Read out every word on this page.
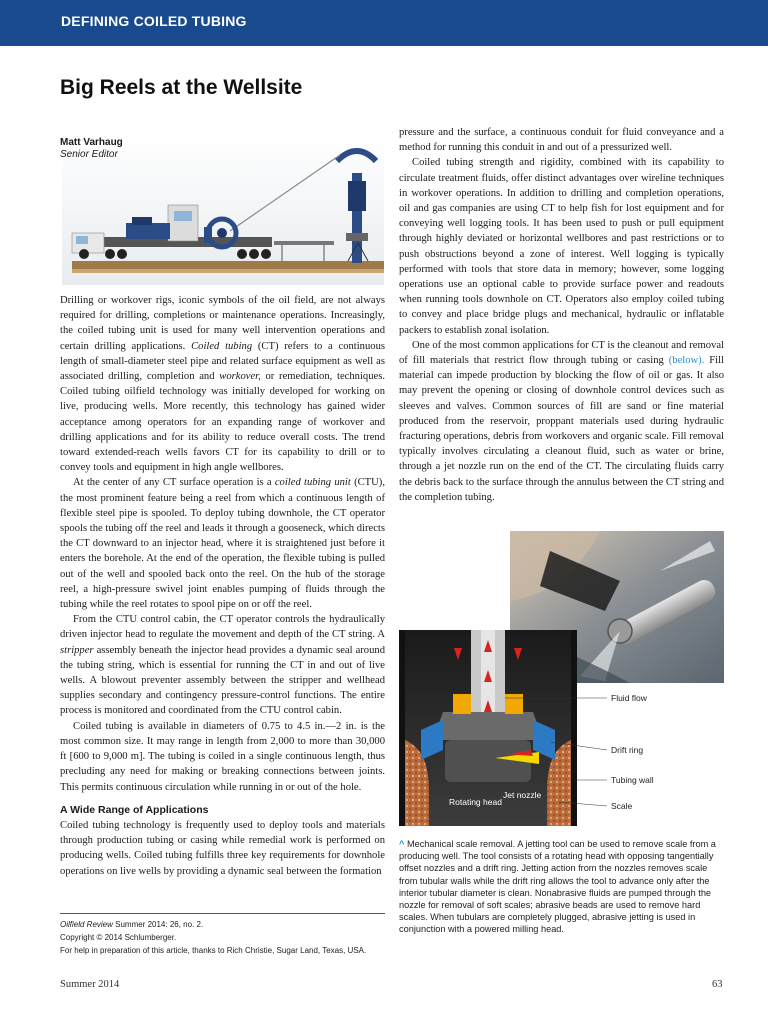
DEFINING COILED TUBING
Big Reels at the Wellsite
Matt Varhaug
Senior Editor

Drilling or workover rigs, iconic symbols of the oil field, are not always required for drilling, completions or maintenance operations. Increasingly, the coiled tubing unit is used for many well intervention operations and certain drilling applications. Coiled tubing (CT) refers to a continuous length of small-diameter steel pipe and related surface equipment as well as associated drilling, completion and workover, or remediation, techniques. Coiled tubing oilfield technology was initially developed for working on live, producing wells. More recently, this technology has gained wider acceptance among operators for an expanding range of workover and drilling applications and for its ability to reduce overall costs. The trend toward extended-reach wells favors CT for its capability to drill or to convey tools and equipment in high angle wellbores.

At the center of any CT surface operation is a coiled tubing unit (CTU), the most prominent feature being a reel from which a continuous length of flexible steel pipe is spooled. To deploy tubing downhole, the CT operator spools the tubing off the reel and leads it through a gooseneck, which directs the CT downward to an injector head, where it is straightened just before it enters the borehole. At the end of the operation, the flexible tubing is pulled out of the well and spooled back onto the reel. On the hub of the storage reel, a high-pressure swivel joint enables pumping of fluids through the tubing while the reel rotates to spool pipe on or off the reel.

From the CTU control cabin, the CT operator controls the hydraulically driven injector head to regulate the movement and depth of the CT string. A stripper assembly beneath the injector head provides a dynamic seal around the tubing string, which is essential for running the CT in and out of live wells. A blowout preventer assembly between the stripper and wellhead supplies secondary and contingency pressure-control functions. The entire process is monitored and coordinated from the CTU control cabin.

Coiled tubing is available in diameters of 0.75 to 4.5 in.—2 in. is the most common size. It may range in length from 2,000 to more than 30,000 ft [600 to 9,000 m]. The tubing is coiled in a single continuous length, thus precluding any need for making or breaking connections between joints. This permits continuous circulation while running in or out of the hole.

A Wide Range of Applications

Coiled tubing technology is frequently used to deploy tools and materials through production tubing or casing while remedial work is performed on producing wells. Coiled tubing fulfills three key requirements for downhole operations on live wells by providing a dynamic seal between the formation

pressure and the surface, a continuous conduit for fluid conveyance and a method for running this conduit in and out of a pressurized well.

Coiled tubing strength and rigidity, combined with its capability to circulate treatment fluids, offer distinct advantages over wireline techniques in workover operations. In addition to drilling and completion operations, oil and gas companies are using CT to help fish for lost equipment and for conveying well logging tools. It has been used to push or pull equipment through highly deviated or horizontal wellbores and past restrictions or to push obstructions beyond a zone of interest. Well logging is typically performed with tools that store data in memory; however, some logging operations use an optional cable to provide surface power and readouts when running tools downhole on CT. Operators also employ coiled tubing to convey and place bridge plugs and mechanical, hydraulic or inflatable packers to establish zonal isolation.

One of the most common applications for CT is the cleanout and removal of fill materials that restrict flow through tubing or casing (below). Fill material can impede production by blocking the flow of oil or gas. It also may prevent the opening or closing of downhole control devices such as sleeves and valves. Common sources of fill are sand or fine material produced from the reservoir, proppant materials used during hydraulic fracturing operations, debris from workovers and organic scale. Fill removal typically involves circulating a cleanout fluid, such as water or brine, through a jet nozzle run on the end of the CT. The circulating fluids carry the debris back to the surface through the annulus between the CT string and the completion tubing.

Fluid flow
Drift ring
Tubing wall
Scale
Jet nozzle
Rotating head
^ Mechanical scale removal. A jetting tool can be used to remove scale from a producing well. The tool consists of a rotating head with opposing tangentially offset nozzles and a drift ring. Jetting action from the nozzles removes scale from tubular walls while the drift ring allows the tool to advance only after the interior tubular diameter is clean. Nonabrasive fluids are pumped through the nozzle for removal of soft scales; abrasive beads are used to remove hard scales. When tubulars are completely plugged, abrasive jetting is used in conjunction with a powered milling head.
Oilfield Review Summer 2014: 26, no. 2.
Copyright © 2014 Schlumberger.
For help in preparation of this article, thanks to Rich Christie, Sugar Land, Texas, USA.
Summer 2014	63
